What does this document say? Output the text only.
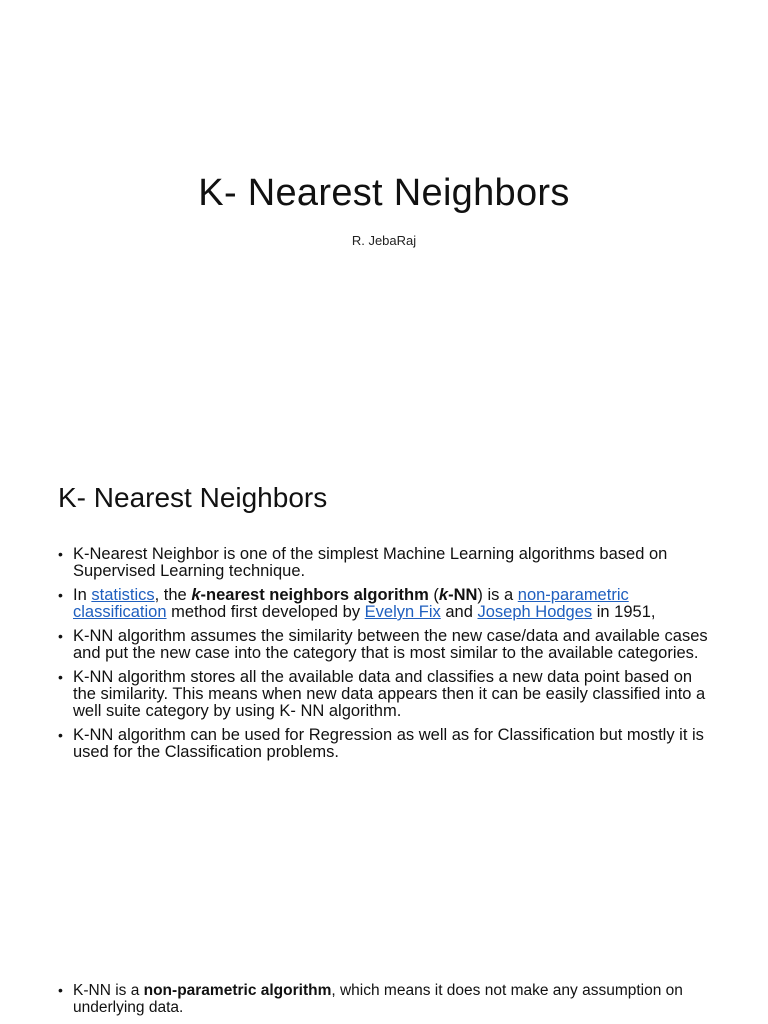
K- Nearest Neighbors

R. JebaRaj

K- Nearest Neighbors
• K-Nearest Neighbor is one of the simplest Machine Learning algorithms based on Supervised Learning technique.
• In statistics, the k-nearest neighbors algorithm (k-NN) is a non-parametric classification method first developed by Evelyn Fix and Joseph Hodges in 1951,
• K-NN algorithm assumes the similarity between the new case/data and available cases and put the new case into the category that is most similar to the available categories.
• K-NN algorithm stores all the available data and classifies a new data point based on the similarity. This means when new data appears then it can be easily classified into a well suite category by using K- NN algorithm.
• K-NN algorithm can be used for Regression as well as for Classification but mostly it is used for the Classification problems.
• K-NN is a non-parametric algorithm, which means it does not make any assumption on underlying data.
